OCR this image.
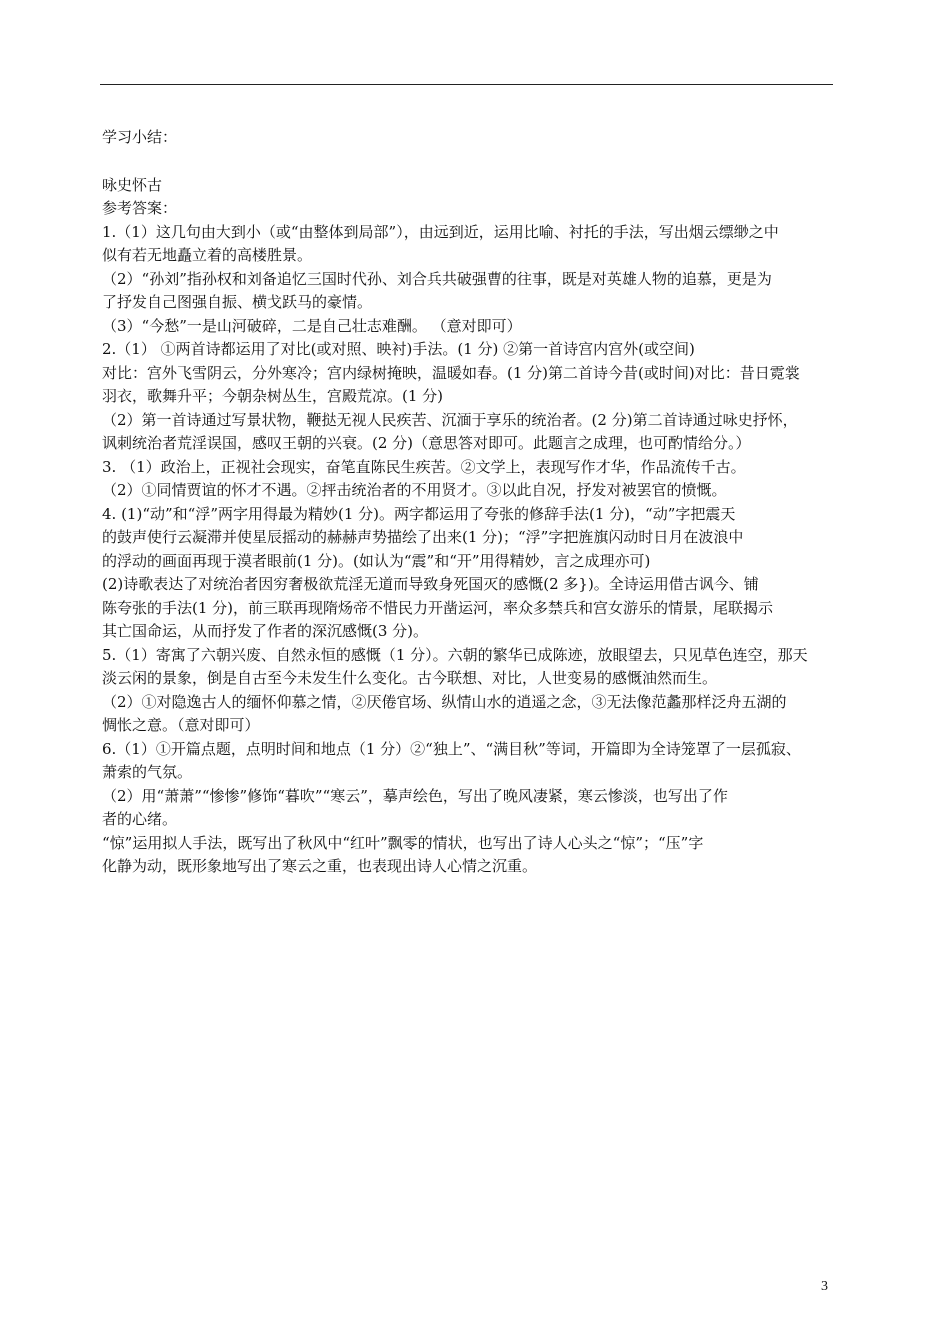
学习小结：
咏史怀古
参考答案：
1.（1）这几句由大到小（或“由整体到局部”），由远到近，运用比喻、衬托的手法，写出烟云缥缈之中
似有若无地矗立着的高楼胜景。
（2）“孙刘”指孙权和刘备追忆三国时代孙、刘合兵共破强曹的往事，既是对英雄人物的追慕，更是为
了抒发自己图强自振、横戈跃马的豪情。
（3）“今愁”一是山河破碎，二是自己壮志难酬。 （意对即可）
2.（1） ①两首诗都运用了对比(或对照、映衬)手法。(1 分) ②第一首诗宫内宫外(或空间)
对比：宫外飞雪阴云，分外寒冷；宫内绿树掩映，温暖如春。(1 分)第二首诗今昔(或时间)对比：昔日霓裳
羽衣，歌舞升平；今朝杂树丛生，宫殿荒凉。(1 分)
（2）第一首诗通过写景状物，鞭挞无视人民疾苦、沉湎于享乐的统治者。(2 分)第二首诗通过咏史抒怀，
讽刺统治者荒淫误国，感叹王朝的兴衰。(2 分)（意思答对即可。此题言之成理，也可酌情给分。）
3. （1）政治上，正视社会现实，奋笔直陈民生疾苦。②文学上，表现写作才华，作品流传千古。
（2）①同情贾谊的怀才不遇。②抨击统治者的不用贤才。③以此自况，抒发对被罢官的愤慨。
4. (1)“动”和“浮”两字用得最为精妙(1 分)。两字都运用了夸张的修辞手法(1 分)，“动”字把震天
的鼓声使行云凝滞并使星辰摇动的赫赫声势描绘了出来(1 分)；“浮”字把旌旗闪动时日月在波浪中
的浮动的画面再现于漠者眼前(1 分)。(如认为“震”和“开”用得精妙，言之成理亦可)
(2)诗歌表达了对统治者因穷奢极欲荒淫无道而导致身死国灭的感慨(2 多})。全诗运用借古讽今、铺
陈夸张的手法(1 分)，前三联再现隋炀帝不惜民力开凿运河，率众多禁兵和宫女游乐的情景，尾联揭示
其亡国命运，从而抒发了作者的深沉感慨(3 分)。
5.（1）寄寓了六朝兴废、自然永恒的感慨（1 分）。六朝的繁华已成陈迹，放眼望去，只见草色连空，那天
淡云闲的景象，倒是自古至今未发生什么变化。古今联想、对比，人世变易的感慨油然而生。
（2）①对隐逸古人的缅怀仰慕之情，②厌倦官场、纵情山水的逍遥之念，③无法像范蠡那样泛舟五湖的
惆怅之意。（意对即可）
6.（1）①开篇点题，点明时间和地点（1 分）②“独上”、“满目秋”等词，开篇即为全诗笼罩了一层孤寂、
萧索的气氛。
（2）用“萧萧”“惨惨”修饰“暮吹”“寒云”，摹声绘色，写出了晚风凄紧，寒云惨淡，也写出了作
者的心绪。
“惊”运用拟人手法，既写出了秋风中“红叶”飘零的情状，也写出了诗人心头之“惊”；“压”字
化静为动，既形象地写出了寒云之重，也表现出诗人心情之沉重。
3
